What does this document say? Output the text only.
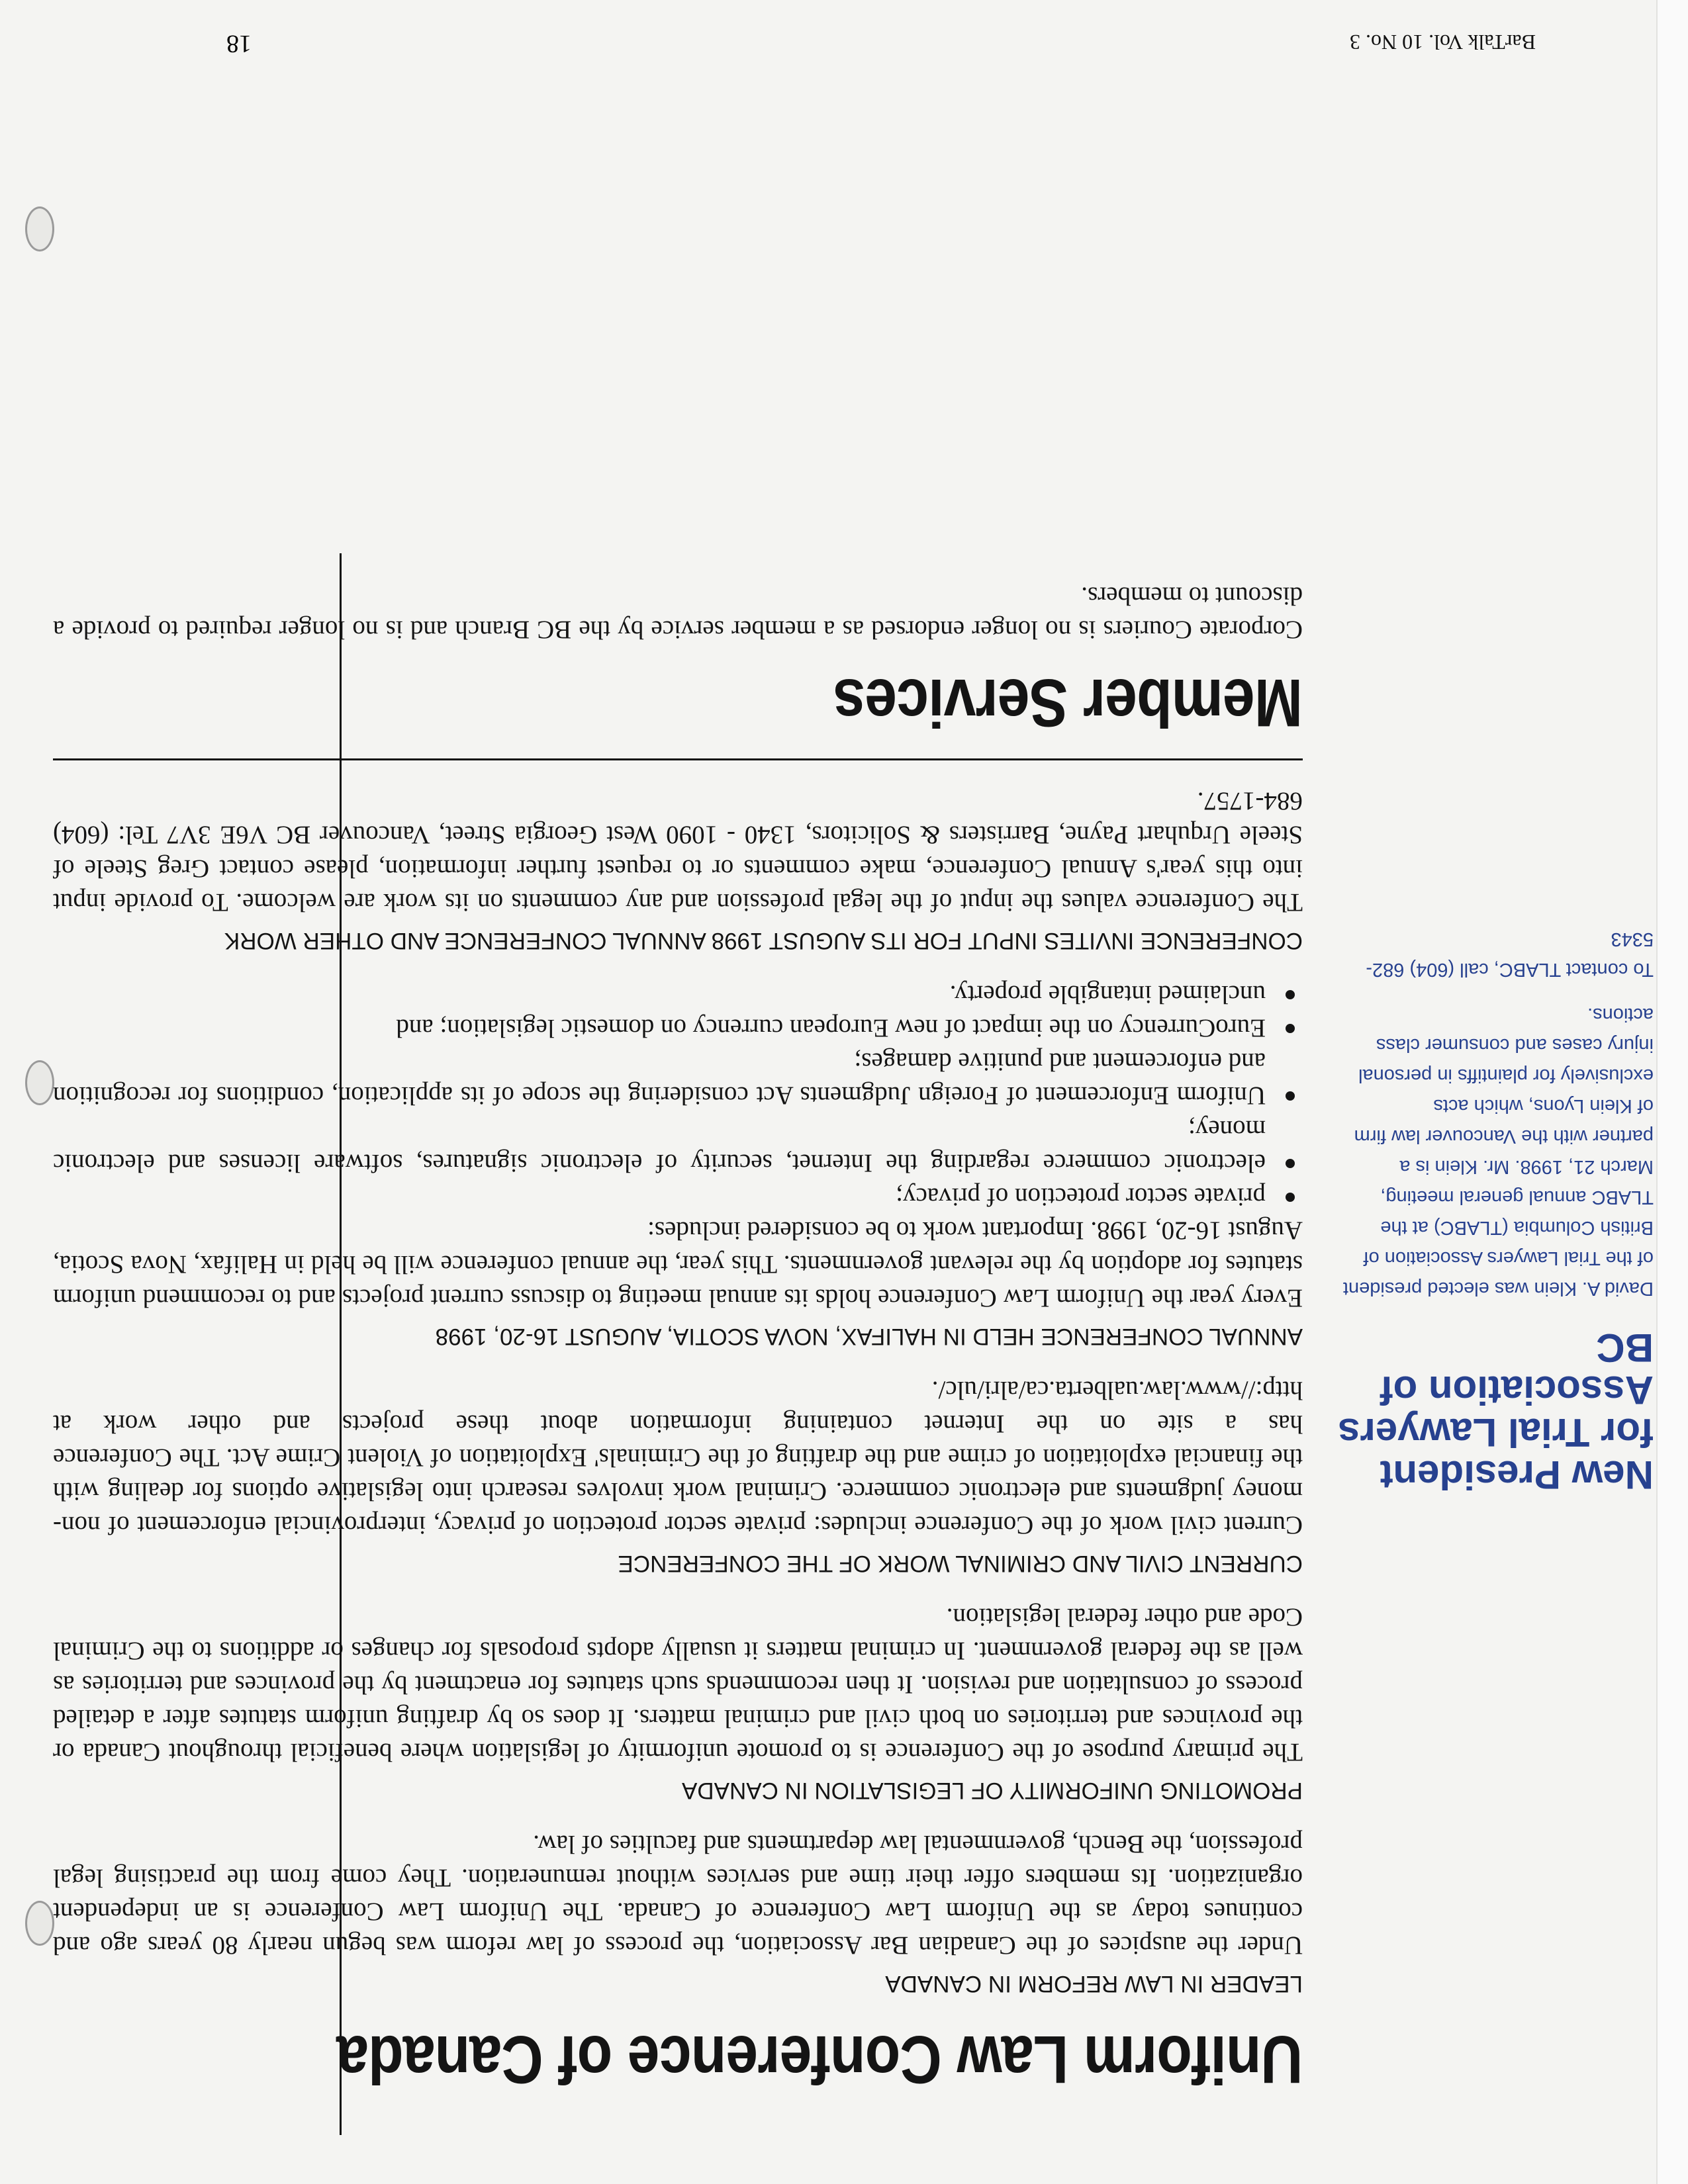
Uniform Law Conference of Canada
LEADER IN LAW REFORM IN CANADA

Under the auspices of the Canadian Bar Association, the process of law reform was begun nearly 80 years ago and continues today as the Uniform Law Conference of Canada. The Uniform Law Conference is an independent organization. Its members offer their time and services without remuneration. They come from the practising legal profession, the Bench, governmental law departments and faculties of law.

PROMOTING UNIFORMITY OF LEGISLATION IN CANADA

The primary purpose of the Conference is to promote uniformity of legislation where beneficial throughout Canada or the provinces and territories on both civil and criminal matters. It does so by drafting uniform statutes after a detailed process of consultation and revision. It then recommends such statutes for enactment by the provinces and territories as well as the federal government. In criminal matters it usually adopts proposals for changes or additions to the Criminal Code and other federal legislation.

CURRENT CIVIL AND CRIMINAL WORK OF THE CONFERENCE

Current civil work of the Conference includes: private sector protection of privacy, interprovincial enforcement of non-money judgments and electronic commerce. Criminal work involves research into legislative options for dealing with the financial exploitation of crime and the drafting of the Criminals' Exploitation of Violent Crime Act. The Conference has a site on the Internet containing information about these projects and other work at http://www.law.ualberta.ca/alri/ulc/.

ANNUAL CONFERENCE HELD IN HALIFAX, NOVA SCOTIA, AUGUST 16-20, 1998

Every year the Uniform Law Conference holds its annual meeting to discuss current projects and to recommend uniform statutes for adoption by the relevant governments. This year, the annual conference will be held in Halifax, Nova Scotia, August 16-20, 1998. Important work to be considered includes:

private sector protection of privacy;
electronic commerce regarding the Internet, security of electronic signatures, software licenses and electronic money;
Uniform Enforcement of Foreign Judgments Act considering the scope of its application, conditions for recognition and enforcement and punitive damages;
EuroCurrency on the impact of new European currency on domestic legislation; and
unclaimed intangible property.
CONFERENCE INVITES INPUT FOR ITS AUGUST 1998 ANNUAL CONFERENCE AND OTHER WORK

The Conference values the input of the legal profession and any comments on its work are welcome. To provide input into this year's Annual Conference, make comments or to request further information, please contact Greg Steele of Steele Urquhart Payne, Barristers & Solicitors, 1340 - 1090 West Georgia Street, Vancouver BC V6E 3V7 Tel: (604) 684-1757.

Member Services

Corporate Couriers is no longer endorsed as a member service by the BC Branch and is no longer required to provide a discount to members.

New President for Trial Lawyers Association of BC

David A. Klein was elected president of the Trial Lawyers Association of British Columbia (TLABC) at the TLABC annual general meeting, March 21, 1998. Mr. Klein is a partner with the Vancouver law firm of Klein Lyons, which acts exclusively for plaintiffs in personal injury cases and consumer class actions.

To contact TLABC, call (604) 682-5343

BarTalk Vol. 10 No. 3
18
